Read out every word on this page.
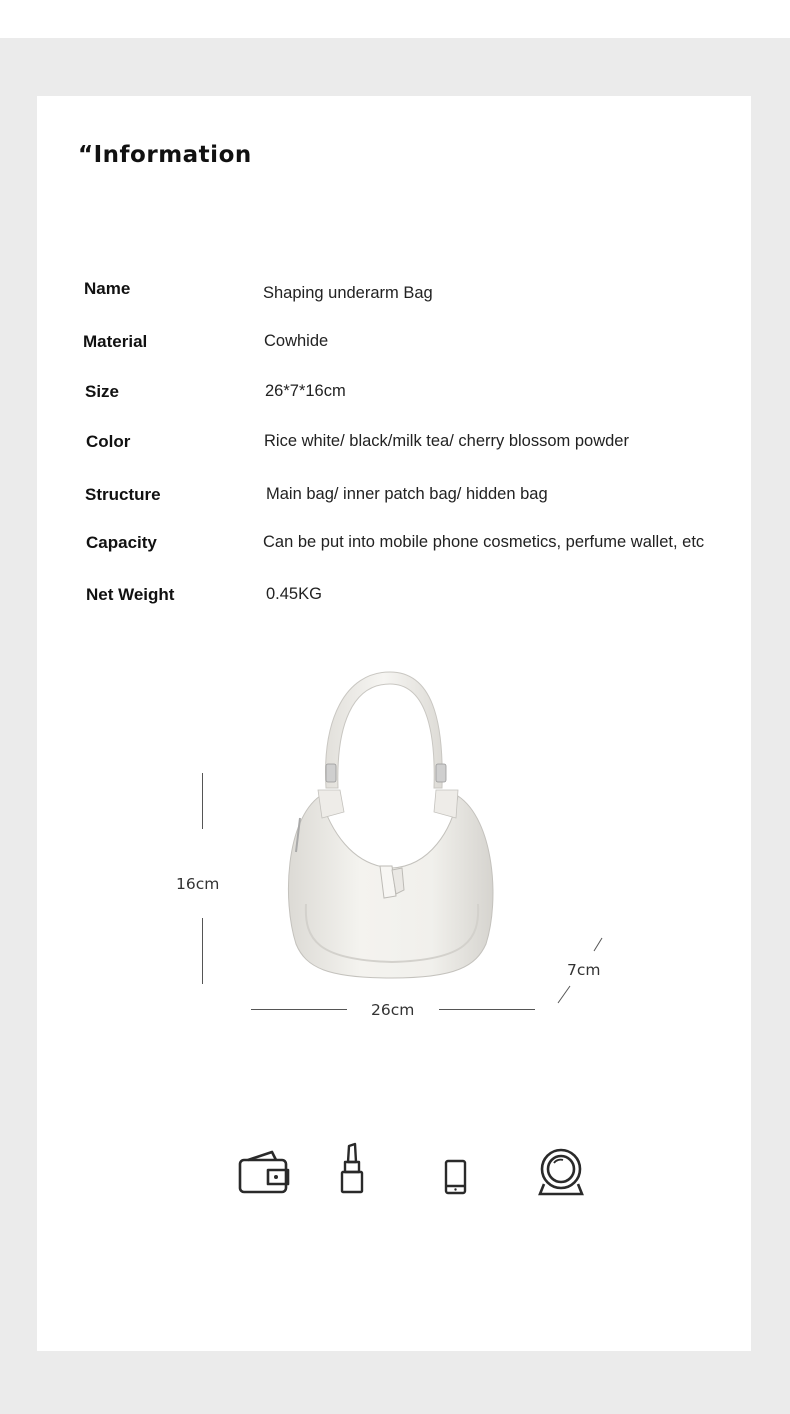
“Information
Name	Shaping underarm Bag
Material	Cowhide
Size	26*7*16cm
Color	Rice white/ black/milk tea/ cherry blossom powder
Structure	Main bag/ inner patch bag/ hidden bag
Capacity	Can be put into mobile phone cosmetics, perfume wallet, etc
Net Weight	0.45KG
16cm
26cm
7cm
